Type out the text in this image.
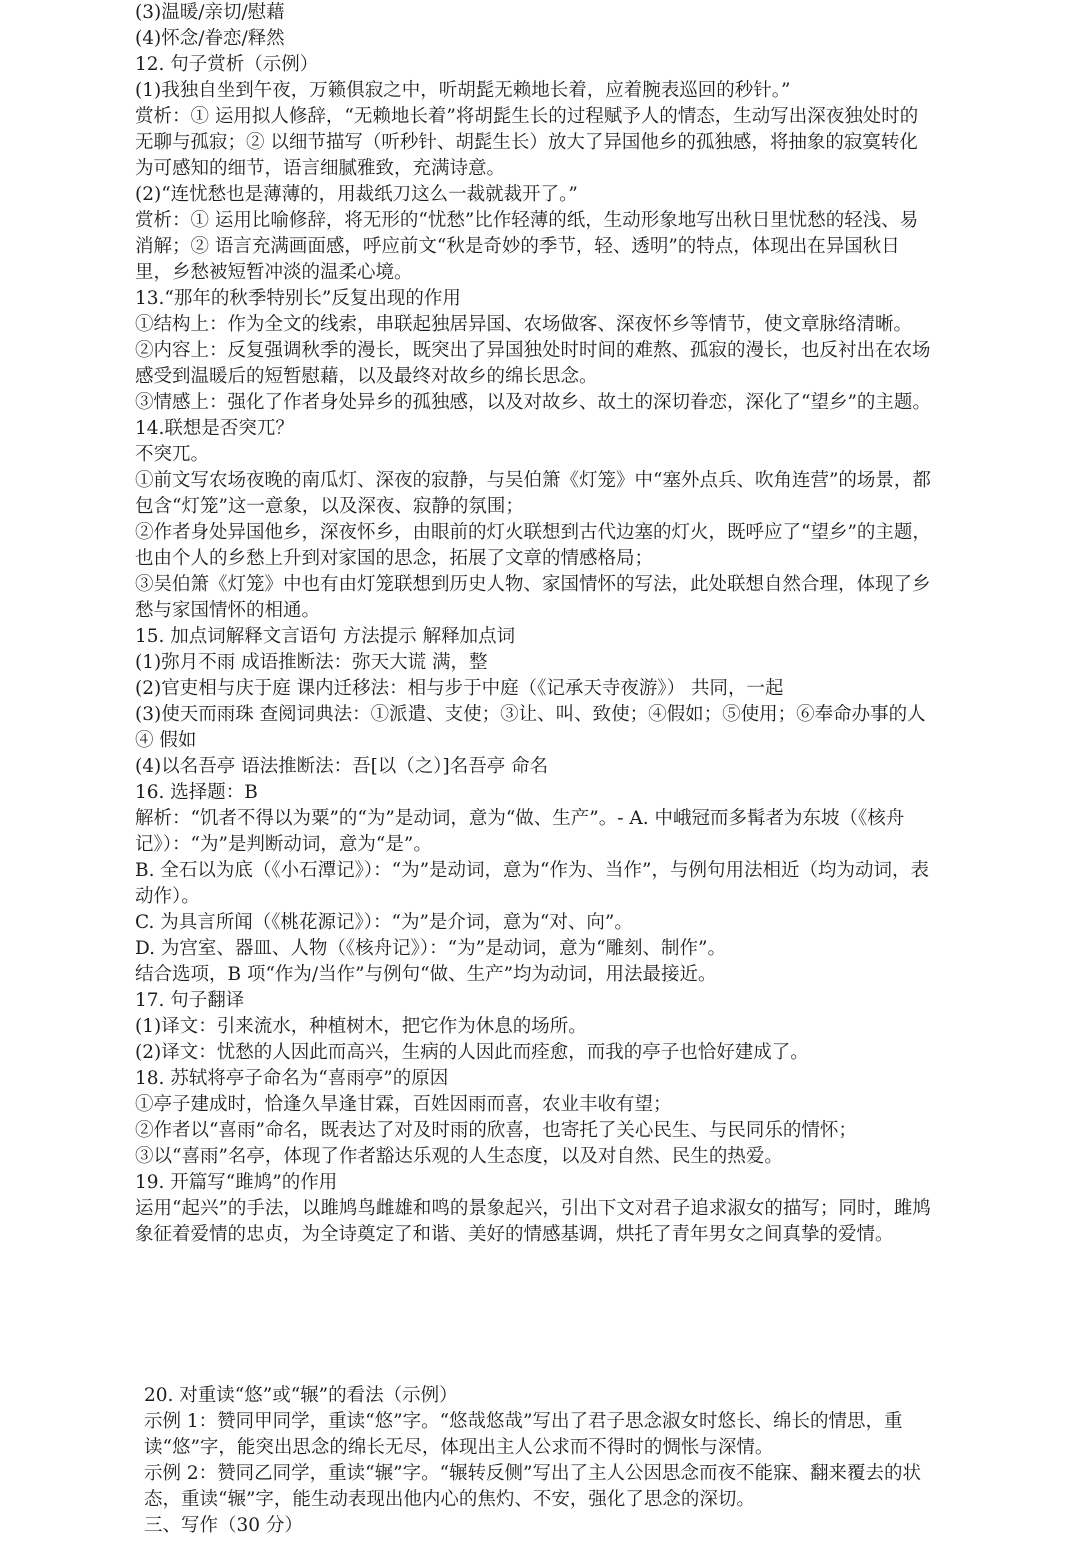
(3)温暖/亲切/慰藉
(4)怀念/眷恋/释然
12. 句子赏析（示例）
(1)我独自坐到午夜，万籁俱寂之中，听胡髭无赖地长着，应着腕表巡回的秒针。”
赏析：① 运用拟人修辞，“无赖地长着”将胡髭生长的过程赋予人的情态，生动写出深夜独处时的无聊与孤寂；② 以细节描写（听秒针、胡髭生长）放大了异国他乡的孤独感，将抽象的寂寞转化为可感知的细节，语言细腻雅致，充满诗意。
(2)“连忧愁也是薄薄的，用裁纸刀这么一裁就裁开了。”
赏析：① 运用比喻修辞，将无形的“忧愁”比作轻薄的纸，生动形象地写出秋日里忧愁的轻浅、易消解；② 语言充满画面感，呼应前文“秋是奇妙的季节，轻、透明”的特点，体现出在异国秋日里，乡愁被短暂冲淡的温柔心境。
13.“那年的秋季特别长”反复出现的作用
①结构上：作为全文的线索，串联起独居异国、农场做客、深夜怀乡等情节，使文章脉络清晰。
②内容上：反复强调秋季的漫长，既突出了异国独处时时间的难熬、孤寂的漫长，也反衬出在农场感受到温暖后的短暂慰藉，以及最终对故乡的绵长思念。
③情感上：强化了作者身处异乡的孤独感，以及对故乡、故土的深切眷恋，深化了“望乡”的主题。
14.联想是否突兀？
不突兀。
①前文写农场夜晚的南瓜灯、深夜的寂静，与吴伯箫《灯笼》中“塞外点兵、吹角连营”的场景，都包含“灯笼”这一意象，以及深夜、寂静的氛围；
②作者身处异国他乡，深夜怀乡，由眼前的灯火联想到古代边塞的灯火，既呼应了“望乡”的主题，也由个人的乡愁上升到对家国的思念，拓展了文章的情感格局；
③吴伯箫《灯笼》中也有由灯笼联想到历史人物、家国情怀的写法，此处联想自然合理，体现了乡愁与家国情怀的相通。
15. 加点词解释文言语句 方法提示 解释加点词
(1)弥月不雨 成语推断法：弥天大谎 满，整
(2)官吏相与庆于庭 课内迁移法：相与步于中庭（《记承天寺夜游》） 共同，一起
(3)使天而雨珠 查阅词典法：①派遣、支使；③让、叫、致使；④假如；⑤使用；⑥奉命办事的人 ④ 假如
(4)以名吾亭 语法推断法：吾[以（之）]名吾亭 命名
16. 选择题：B
解析：“饥者不得以为粟”的“为”是动词，意为“做、生产”。- A. 中峨冠而多髯者为东坡（《核舟记》）：“为”是判断动词，意为“是”。
B. 全石以为底（《小石潭记》）：“为”是动词，意为“作为、当作”，与例句用法相近（均为动词，表动作）。
C. 为具言所闻（《桃花源记》）：“为”是介词，意为“对、向”。
D. 为宫室、器皿、人物（《核舟记》）：“为”是动词，意为“雕刻、制作”。
结合选项，B 项“作为/当作”与例句“做、生产”均为动词，用法最接近。
17. 句子翻译
(1)译文：引来流水，种植树木，把它作为休息的场所。
(2)译文：忧愁的人因此而高兴，生病的人因此而痊愈，而我的亭子也恰好建成了。
18. 苏轼将亭子命名为“喜雨亭”的原因
①亭子建成时，恰逢久旱逢甘霖，百姓因雨而喜，农业丰收有望；
②作者以“喜雨”命名，既表达了对及时雨的欣喜，也寄托了关心民生、与民同乐的情怀；
③以“喜雨”名亭，体现了作者豁达乐观的人生态度，以及对自然、民生的热爱。
19. 开篇写“雎鸠”的作用
运用“起兴”的手法，以雎鸠鸟雌雄和鸣的景象起兴，引出下文对君子追求淑女的描写；同时，雎鸠象征着爱情的忠贞，为全诗奠定了和谐、美好的情感基调，烘托了青年男女之间真挚的爱情。
20. 对重读“悠”或“辗”的看法（示例）
示例 1：赞同甲同学，重读“悠”字。“悠哉悠哉”写出了君子思念淑女时悠长、绵长的情思，重读“悠”字，能突出思念的绵长无尽，体现出主人公求而不得时的惆怅与深情。
示例 2：赞同乙同学，重读“辗”字。“辗转反侧”写出了主人公因思念而夜不能寐、翻来覆去的状态，重读“辗”字，能生动表现出他内心的焦灼、不安，强化了思念的深切。
三、写作（30 分）
